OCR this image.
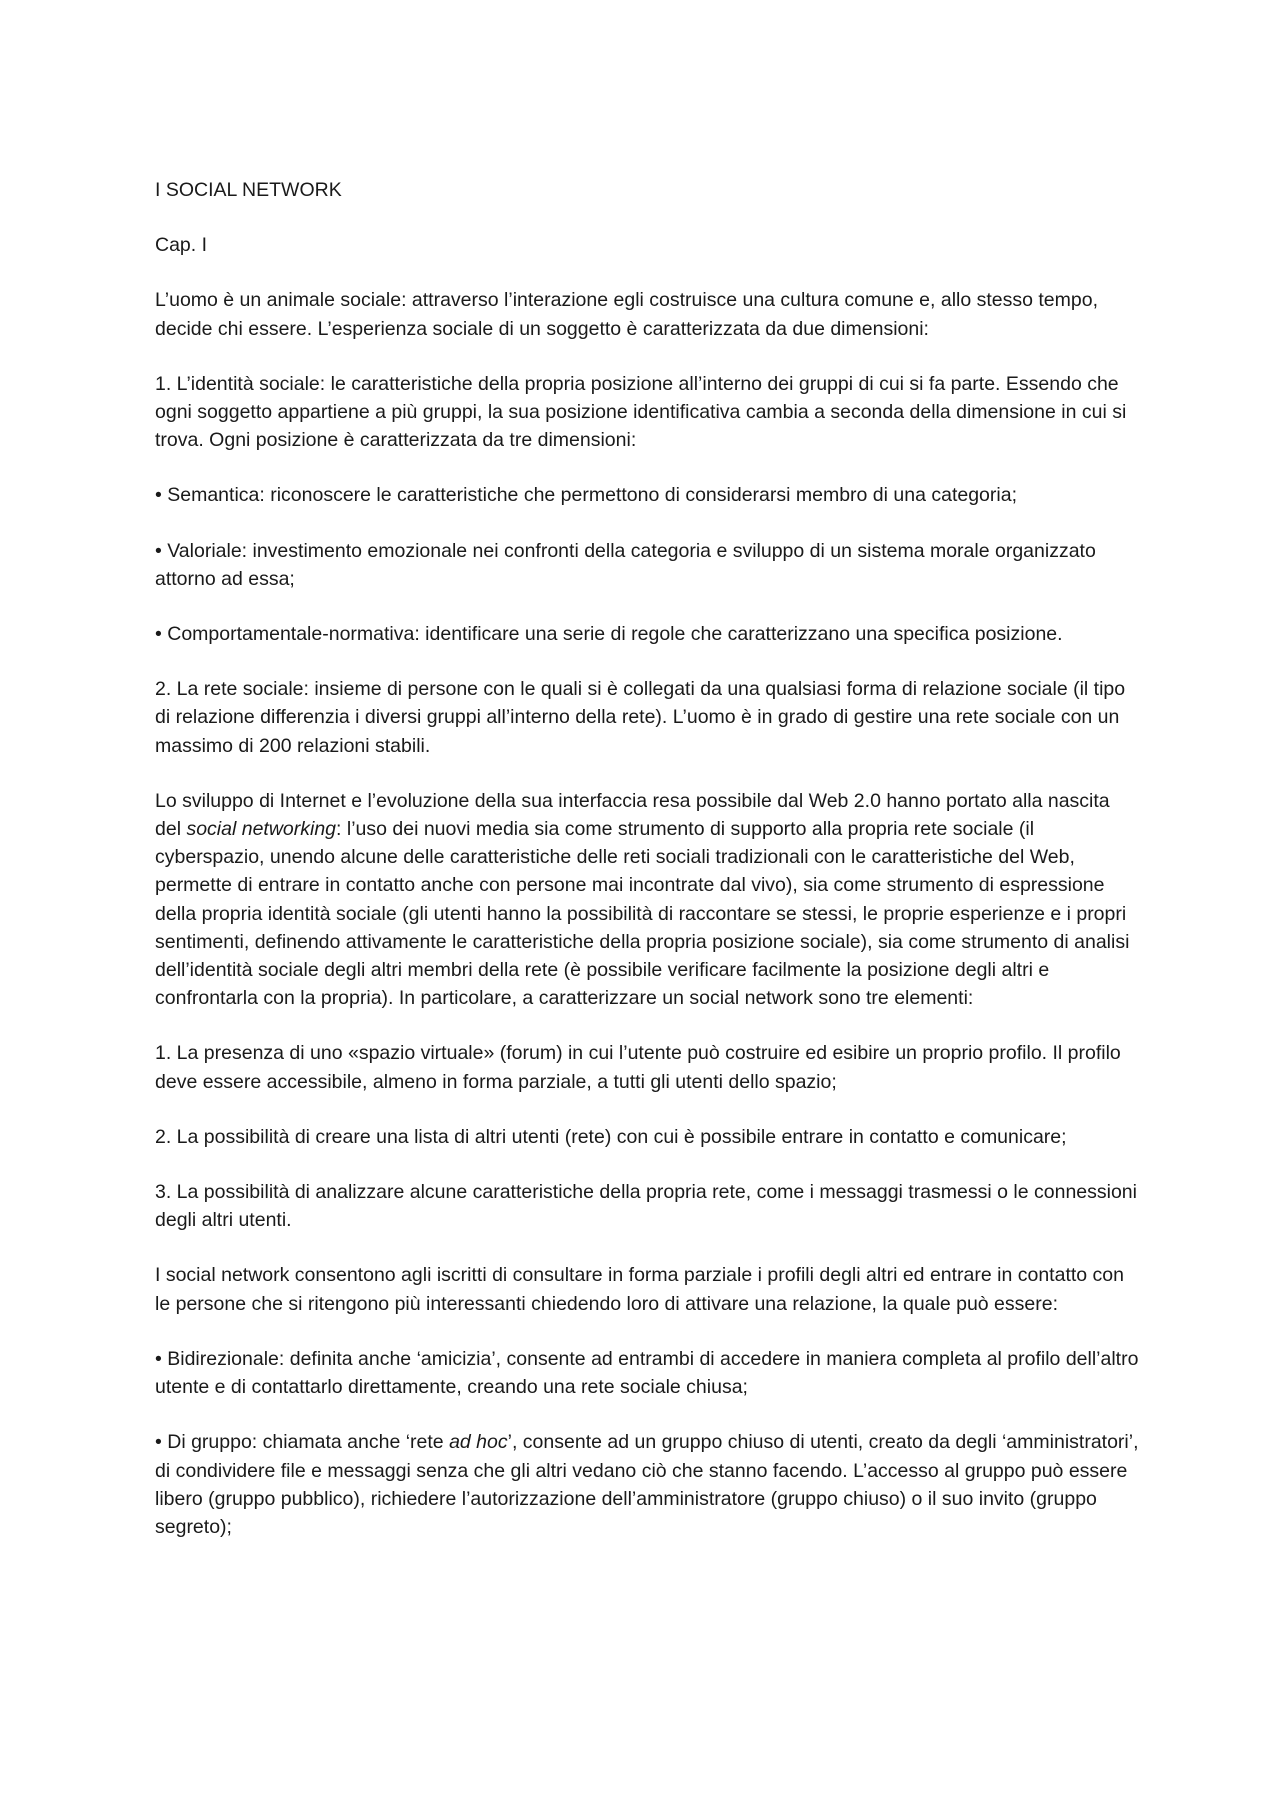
I SOCIAL NETWORK

Cap. I

L’uomo è un animale sociale: attraverso l’interazione egli costruisce una cultura comune e, allo stesso tempo, decide chi essere. L’esperienza sociale di un soggetto è caratterizzata da due dimensioni:

1. L’identità sociale: le caratteristiche della propria posizione all’interno dei gruppi di cui si fa parte. Essendo che ogni soggetto appartiene a più gruppi, la sua posizione identificativa cambia a seconda della dimensione in cui si trova. Ogni posizione è caratterizzata da tre dimensioni:

• Semantica: riconoscere le caratteristiche che permettono di considerarsi membro di una categoria;

• Valoriale: investimento emozionale nei confronti della categoria e sviluppo di un sistema morale organizzato attorno ad essa;

• Comportamentale-normativa: identificare una serie di regole che caratterizzano una specifica posizione.

2. La rete sociale: insieme di persone con le quali si è collegati da una qualsiasi forma di relazione sociale (il tipo di relazione differenzia i diversi gruppi all’interno della rete). L’uomo è in grado di gestire una rete sociale con un massimo di 200 relazioni stabili.

Lo sviluppo di Internet e l’evoluzione della sua interfaccia resa possibile dal Web 2.0 hanno portato alla nascita del social networking: l’uso dei nuovi media sia come strumento di supporto alla propria rete sociale (il cyberspazio, unendo alcune delle caratteristiche delle reti sociali tradizionali con le caratteristiche del Web, permette di entrare in contatto anche con persone mai incontrate dal vivo), sia come strumento di espressione della propria identità sociale (gli utenti hanno la possibilità di raccontare se stessi, le proprie esperienze e i propri sentimenti, definendo attivamente le caratteristiche della propria posizione sociale), sia come strumento di analisi dell’identità sociale degli altri membri della rete (è possibile verificare facilmente la posizione degli altri e confrontarla con la propria). In particolare, a caratterizzare un social network sono tre elementi:

1. La presenza di uno «spazio virtuale» (forum) in cui l’utente può costruire ed esibire un proprio profilo. Il profilo deve essere accessibile, almeno in forma parziale, a tutti gli utenti dello spazio;

2. La possibilità di creare una lista di altri utenti (rete) con cui è possibile entrare in contatto e comunicare;

3. La possibilità di analizzare alcune caratteristiche della propria rete, come i messaggi trasmessi o le connessioni degli altri utenti.

I social network consentono agli iscritti di consultare in forma parziale i profili degli altri ed entrare in contatto con le persone che si ritengono più interessanti chiedendo loro di attivare una relazione, la quale può essere:

• Bidirezionale: definita anche ‘amicizia’, consente ad entrambi di accedere in maniera completa al profilo dell’altro utente e di contattarlo direttamente, creando una rete sociale chiusa;

• Di gruppo: chiamata anche ‘rete ad hoc’, consente ad un gruppo chiuso di utenti, creato da degli ‘amministratori’, di condividere file e messaggi senza che gli altri vedano ciò che stanno facendo. L’accesso al gruppo può essere libero (gruppo pubblico), richiedere l’autorizzazione dell’amministratore (gruppo chiuso) o il suo invito (gruppo segreto);
